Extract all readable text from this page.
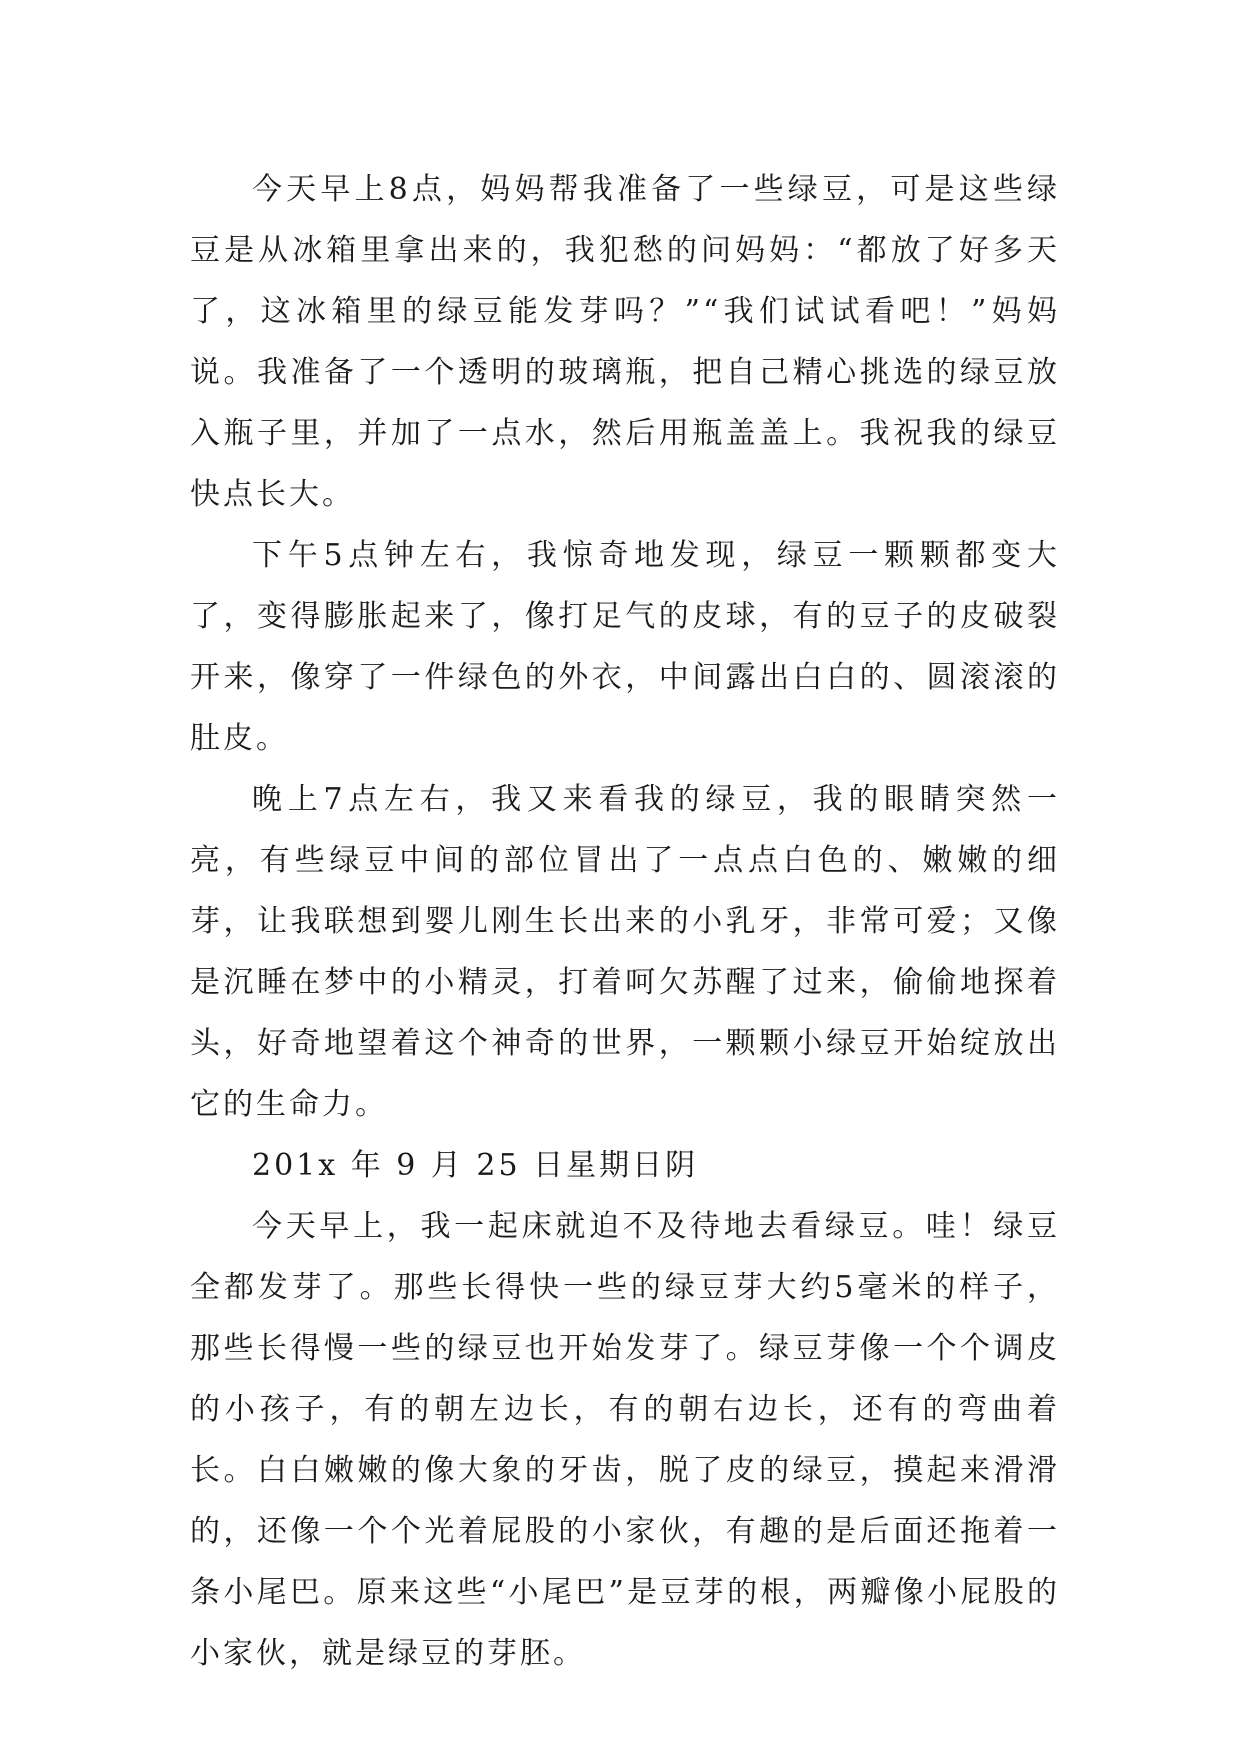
今天早上8点，妈妈帮我准备了一些绿豆，可是这些绿豆是从冰箱里拿出来的，我犯愁的问妈妈：“都放了好多天了，这冰箱里的绿豆能发芽吗？”“我们试试看吧！”妈妈说。我准备了一个透明的玻璃瓶，把自己精心挑选的绿豆放入瓶子里，并加了一点水，然后用瓶盖盖上。我祝我的绿豆快点长大。

下午5点钟左右，我惊奇地发现，绿豆一颗颗都变大了，变得膨胀起来了，像打足气的皮球，有的豆子的皮破裂开来，像穿了一件绿色的外衣，中间露出白白的、圆滚滚的肚皮。

晚上7点左右，我又来看我的绿豆，我的眼睛突然一亮，有些绿豆中间的部位冒出了一点点白色的、嫩嫩的细芽，让我联想到婴儿刚生长出来的小乳牙，非常可爱；又像是沉睡在梦中的小精灵，打着呵欠苏醒了过来，偷偷地探着头，好奇地望着这个神奇的世界，一颗颗小绿豆开始绽放出它的生命力。

201x 年 9 月 25 日星期日阴

今天早上，我一起床就迫不及待地去看绿豆。哇！绿豆全都发芽了。那些长得快一些的绿豆芽大约5毫米的样子，那些长得慢一些的绿豆也开始发芽了。绿豆芽像一个个调皮的小孩子，有的朝左边长，有的朝右边长，还有的弯曲着长。白白嫩嫩的像大象的牙齿，脱了皮的绿豆，摸起来滑滑的，还像一个个光着屁股的小家伙，有趣的是后面还拖着一条小尾巴。原来这些“小尾巴”是豆芽的根，两瓣像小屁股的小家伙，就是绿豆的芽胚。
